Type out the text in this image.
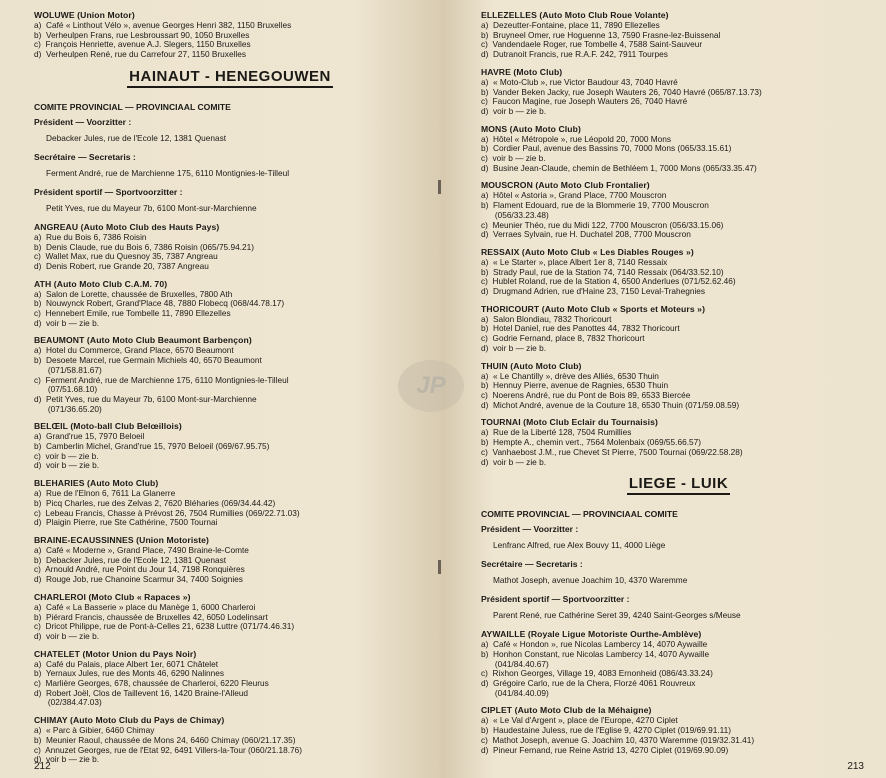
WOLUWE (Union Motor)
a)  Café « Linthout Vélo », avenue Georges Henri 382, 1150 Bruxelles
b)  Verheulpen Frans, rue Lesbroussart 90, 1050 Bruxelles
c)  François Henriette, avenue A.J. Slegers, 1150 Bruxelles
d)  Verheulpen René, rue du Carrefour 27, 1150 Bruxelles
HAINAUT - HENEGOUWEN
COMITE PROVINCIAL — PROVINCIAAL COMITE
Président — Voorzitter :
Debacker Jules, rue de l'Ecole 12, 1381 Quenast
Secrétaire — Secretaris :
Ferment André, rue de Marchienne 175, 6110 Montignies-le-Tilleul
Président sportif — Sportvoorzitter :
Petit Yves, rue du Mayeur 7b, 6100 Mont-sur-Marchienne
ANGREAU (Auto Moto Club des Hauts Pays)
a)  Rue du Bois 6, 7386 Roisin
b)  Denis Claude, rue du Bois 6, 7386 Roisin (065/75.94.21)
c)  Wallet Max, rue du Quesnoy 35, 7387 Angreau
d)  Denis Robert, rue Grande 20, 7387 Angreau
ATH (Auto Moto Club C.A.M. 70)
a)  Salon de Lorette, chaussée de Bruxelles, 7800 Ath
b)  Nouwynck Robert, Grand'Place 48, 7880 Flobecq (068/44.78.17)
c)  Hennebert Emile, rue Tombelle 11, 7890 Ellezelles
d)  voir b — zie b.
BEAUMONT (Auto Moto Club Beaumont Barbençon)
a)  Hotel du Commerce, Grand Place, 6570 Beaumont
b)  Desoete Marcel, rue Germain Michiels 40, 6570 Beaumont
(071/58.81.67)
c)  Ferment André, rue de Marchienne 175, 6110 Montignies-le-Tilleul
(07/51.68.10)
d)  Petit Yves, rue du Mayeur 7b, 6100 Mont-sur-Marchienne
(071/36.65.20)
BELŒIL (Moto-ball Club Belœillois)
a)  Grand'rue 15, 7970 Beloeil
b)  Camberlin Michel, Grand'rue 15, 7970 Beloeil (069/67.95.75)
c)  voir b — zie b.
d)  voir b — zie b.
BLEHARIES (Auto Moto Club)
a)  Rue de l'Elnon 6, 7611 La Glanerre
b)  Picq Charles, rue des Zelvas 2, 7620 Bléharies (069/34.44.42)
c)  Lebeau Francis, Chasse à Prévost 26, 7504 Rumillies (069/22.71.03)
d)  Plaigin Pierre, rue Ste Cathérine, 7500 Tournai
BRAINE-ECAUSSINNES (Union Motoriste)
a)  Café « Moderne », Grand Place, 7490 Braine-le-Comte
b)  Debacker Jules, rue de l'Ecole 12, 1381 Quenast
c)  Arnould André, rue Point du Jour 14, 7198 Ronquières
d)  Rouge Job, rue Chanoine Scarmur 34, 7400 Soignies
CHARLEROI (Moto Club « Rapaces »)
a)  Café « La Basserie » place du Manège 1, 6000 Charleroi
b)  Piérard Francis, chaussée de Bruxelles 42, 6050 Lodelinsart
c)  Dricot Philippe, rue de Pont-à-Celles 21, 6238 Luttre (071/74.46.31)
d)  voir b — zie b.
CHATELET (Motor Union du Pays Noir)
a)  Café du Palais, place Albert 1er, 6071 Châtelet
b)  Yernaux Jules, rue des Monts 46, 6290 Nalinnes
c)  Marlière Georges, 678, chaussée de Charleroi, 6220 Fleurus
d)  Robert Joël, Clos de Taillevent 16, 1420 Braine-l'Alleud
(02/384.47.03)
CHIMAY (Auto Moto Club du Pays de Chimay)
a)  « Parc à Gibier, 6460 Chimay
b)  Meunier Raoul, chaussée de Mons 24, 6460 Chimay (060/21.17.35)
c)  Annuzet Georges, rue de l'Etat 92, 6491 Villers-la-Tour (060/21.18.76)
d)  voir b — zie b.
212
ELLEZELLES (Auto Moto Club Roue Volante)
a)  Dezeutter-Fontaine, place 11, 7890 Ellezelles
b)  Bruyneel Omer, rue Hoguenne 13, 7590 Frasne-lez-Buissenal
c)  Vandendaele Roger, rue Tombelle 4, 7588 Saint-Sauveur
d)  Dutranoit Francis, rue R.A.F. 242, 7911 Tourpes
HAVRE (Moto Club)
a)  « Moto-Club », rue Victor Baudour 43, 7040 Havré
b)  Vander Beken Jacky, rue Joseph Wauters 26, 7040 Havré (065/87.13.73)
c)  Faucon Magine, rue Joseph Wauters 26, 7040 Havré
d)  voir b — zie b.
MONS (Auto Moto Club)
a)  Hôtel « Métropole », rue Léopold 20, 7000 Mons
b)  Cordier Paul, avenue des Bassins 70, 7000 Mons (065/33.15.61)
c)  voir b — zie b.
d)  Busine Jean-Claude, chemin de Bethléem 1, 7000 Mons (065/33.35.47)
MOUSCRON (Auto Moto Club Frontalier)
a)  Hôtel « Astoria », Grand Place, 7700 Mouscron
b)  Flament Edouard, rue de la Blommerie 19, 7700 Mouscron
(056/33.23.48)
c)  Meunier Théo, rue du Midi 122, 7700 Mouscron (056/33.15.06)
d)  Verraes Sylvain, rue H. Duchatel 208, 7700 Mouscron
RESSAIX (Auto Moto Club « Les Diables Rouges »)
a)  « Le Starter », place Albert 1er 8, 7140 Ressaix
b)  Strady Paul, rue de la Station 74, 7140 Ressaix (064/33.52.10)
c)  Hublet Roland, rue de la Station 4, 6500 Anderlues (071/52.62.46)
d)  Drugmand Adrien, rue d'Haine 23, 7150 Leval-Trahegnies
THORICOURT (Auto Moto Club « Sports et Moteurs »)
a)  Salon Blondiau, 7832 Thoricourt
b)  Hotel Daniel, rue des Panottes 44, 7832 Thoricourt
c)  Godrie Fernand, place 8, 7832 Thoricourt
d)  voir b — zie b.
THUIN (Auto Moto Club)
a)  « Le Chantilly », drève des Alliés, 6530 Thuin
b)  Hennuy Pierre, avenue de Ragnies, 6530 Thuin
c)  Noerens André, rue du Pont de Bois 89, 6533 Biercée
d)  Michot André, avenue de la Couture 18, 6530 Thuin (071/59.08.59)
TOURNAI (Moto Club Eclair du Tournaisis)
a)  Rue de la Liberté 128, 7504 Rumillies
b)  Hempte A., chemin vert., 7564 Molenbaix (069/55.66.57)
c)  Vanhaebost J.M., rue Chevet St Pierre, 7500 Tournai (069/22.58.28)
d)  voir b — zie b.
LIEGE - LUIK
COMITE PROVINCIAL — PROVINCIAAL COMITE
Président — Voorzitter :
Lenfranc Alfred, rue Alex Bouvy 11, 4000 Liège
Secrétaire — Secretaris :
Mathot Joseph, avenue Joachim 10, 4370 Waremme
Président sportif — Sportvoorzitter :
Parent René, rue Cathérine Seret 39, 4240 Saint-Georges s/Meuse
AYWAILLE (Royale Ligue Motoriste Ourthe-Amblève)
a)  Café « Hondon », rue Nicolas Lambercy 14, 4070 Aywaille
b)  Honhon Constant, rue Nicolas Lambercy 14, 4070 Aywaille
(041/84.40.67)
c)  Rixhon Georges, Village 19, 4083 Ernonheid (086/43.33.24)
d)  Grégoire Carlo, rue de la Chera, Florzé 4061 Rouvreux
(041/84.40.09)
CIPLET (Auto Moto Club de la Méhaigne)
a)  « Le Val d'Argent », place de l'Europe, 4270 Ciplet
b)  Haudestaine Juless, rue de l'Eglise 9, 4270 Ciplet (019/69.91.11)
c)  Mathot Joseph, avenue G. Joachim 10, 4370 Waremme (019/32.31.41)
d)  Pineur Fernand, rue Reine Astrid 13, 4270 Ciplet (019/69.90.09)
213
JP
